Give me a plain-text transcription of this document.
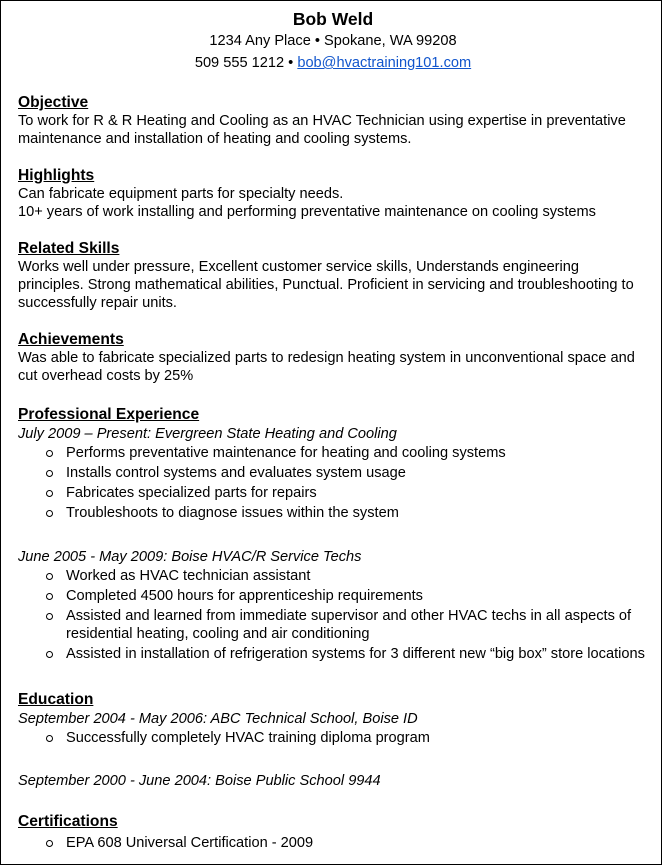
Bob Weld
1234 Any Place • Spokane, WA 99208
509 555 1212 • bob@hvactraining101.com
Objective
To work for R & R Heating and Cooling as an HVAC Technician using expertise in preventative maintenance and installation of heating and cooling systems.
Highlights
Can fabricate equipment parts for specialty needs.
10+ years of work installing and performing preventative maintenance on cooling systems
Related Skills
Works well under pressure, Excellent customer service skills, Understands engineering principles. Strong mathematical abilities, Punctual. Proficient in servicing and troubleshooting to successfully repair units.
Achievements
Was able to fabricate specialized parts to redesign heating system in unconventional space and cut overhead costs by 25%
Professional Experience
July 2009 – Present: Evergreen State Heating and Cooling
Performs preventative maintenance for heating and cooling systems
Installs control systems and evaluates system usage
Fabricates specialized parts for repairs
Troubleshoots to diagnose issues within the system
June 2005 - May 2009: Boise HVAC/R Service Techs
Worked as HVAC technician assistant
Completed 4500 hours for apprenticeship requirements
Assisted and learned from immediate supervisor and other HVAC techs in all aspects of residential heating, cooling and air conditioning
Assisted in installation of refrigeration systems for 3 different new “big box” store locations
Education
September 2004 - May 2006: ABC Technical School, Boise ID
Successfully completely HVAC training diploma program
September 2000 - June 2004: Boise Public School 9944
Certifications
EPA 608 Universal Certification - 2009
